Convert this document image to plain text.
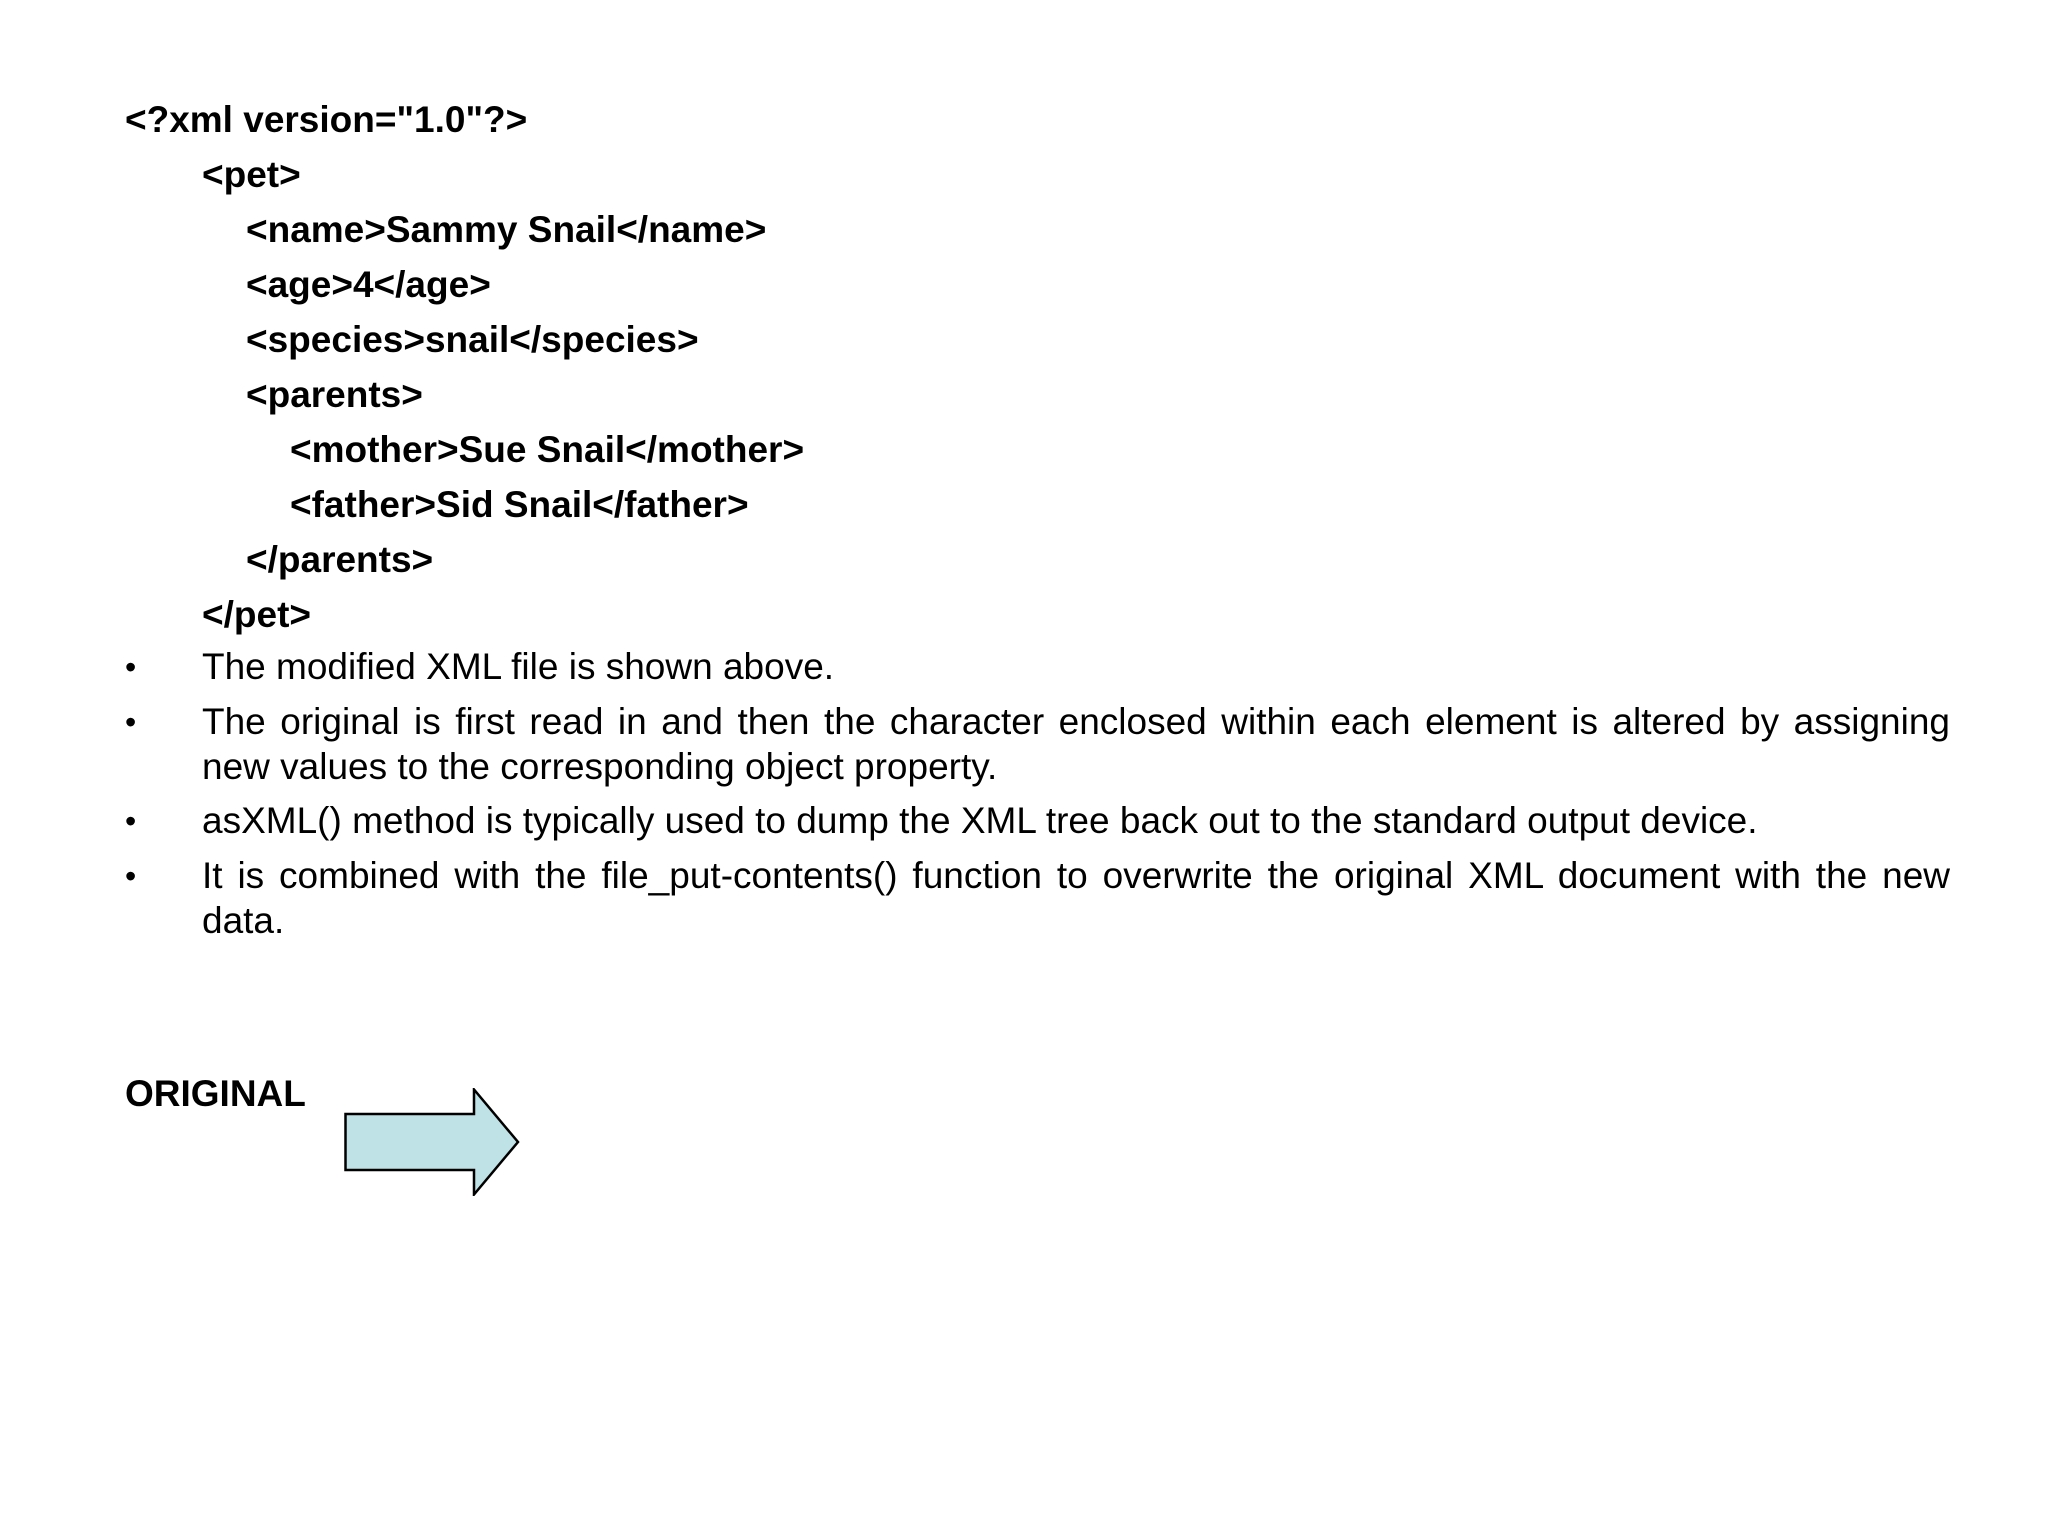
<?xml version="1.0"?>
<pet>
<name>Sammy Snail</name>
<age>4</age>
<species>snail</species>
<parents>
<mother>Sue Snail</mother>
<father>Sid Snail</father>
</parents>
</pet>
• The modified XML file is shown above.
• The original is first read in and then the character enclosed within each element is altered by assigning new values to the corresponding object property.
• asXML() method is typically used to dump the XML tree back out to the standard output device.
• It is combined with the file_put-contents() function to overwrite the original XML document with the new data.
ORIGINAL
